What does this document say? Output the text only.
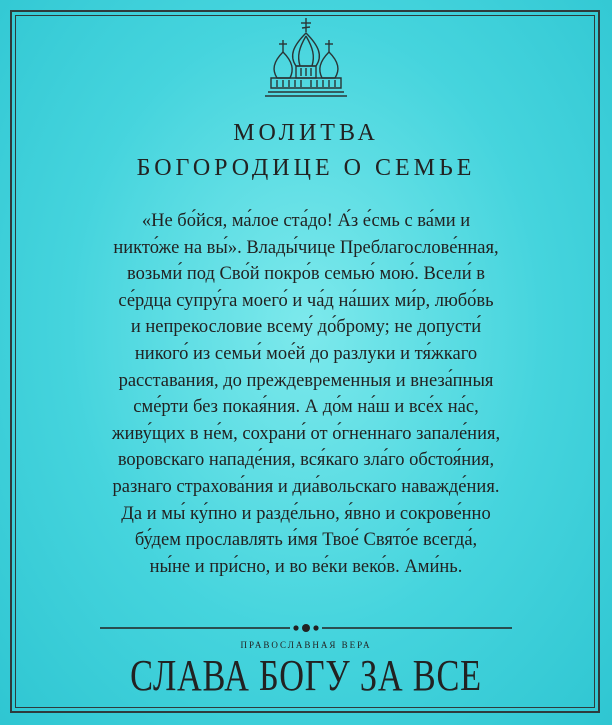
МОЛИТВА
БОГОРОДИЦЕ О СЕМЬЕ
«Не бо́йся, ма́лое ста́до! А́з е́смь с ва́ми и
никто́же на вы́». Влады́чице Преблагослове́нная,
возьми́ под Сво́й покро́в семью́ мою́. Всели́ в
се́рдца супру́га моего́ и ча́д на́ших ми́р, любо́вь
и непрекословие всему́ до́брому; не допусти́
никого́ из семьи́ мое́й до разлуки и тя́жкаго
расставания, до преждевременныя и внеза́пныя
сме́рти без покая́ния. А до́м на́ш и все́х на́с,
живу́щих в не́м, сохрани́ от о́гненнаго запале́ния,
воровскаго нападе́ния, вся́каго зла́го обстоя́ния,
разнаго страхова́ния и диа́вольскаго наважде́ния.
Да и мы́ ку́пно и разде́льно, я́вно и сокрове́нно
бу́дем прославлять и́мя Твое́ Свято́е всегда́,
ны́не и при́сно, и во ве́ки веко́в. Ами́нь.
ПРАВОСЛАВНАЯ ВЕРА
СЛАВА БОГУ ЗА ВСЕ
